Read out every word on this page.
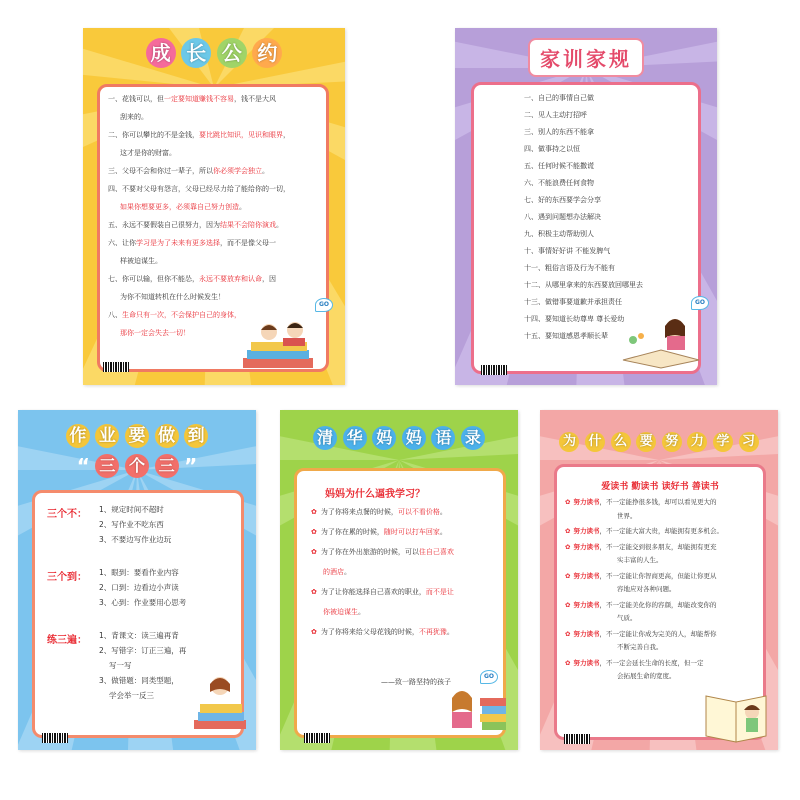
成 长 公 约
一、花钱可以，但一定要知道赚钱不容易，钱不是大风
刮来的。
二、你可以攀比的不是金钱，要比跳比知识，见识和眼界，
这才是你的财富。
三、父母不会和你过一辈子，所以你必须学会独立。
四、不要对父母有怨言，父母已经尽力给了能给你的一切，
如果你想要更多，必须靠自己努力创造。
五、永远不要假装自己很努力，因为结果不会陪你演戏。
六、让你学习是为了未来有更多选择，而不是像父母一
样被迫谋生。
七、你可以输，但你不能怂，永远不要放弃和认命，因
为你不知道转机在什么时候发生！
八、生命只有一次，不会保护自己的身体，
那你一定会失去一切！
GO
家训家规
一、自己的事情自己做
二、见人主动打招呼
三、别人的东西不能拿
四、做事持之以恒
五、任何时候不能撒谎
六、不能浪费任何食物
七、好的东西要学会分享
八、遇到问题想办法解决
九、积极主动帮助别人
十、事情好好讲 不能发脾气
十一、粗俗言语及行为不能有
十二、从哪里拿来的东西要放回哪里去
十三、做错事要道歉并承担责任
十四、要知道长幼尊卑 尊长爱幼
十五、要知道感恩孝顺长辈
GO
作 业 要 做 到
“ 三 个 三 ”
三个不： 1、规定时间不超时
2、写作业不吃东西
3、不要边写作业边玩
三个到： 1、眼到：要看作业内容
2、口到：边看边小声读
3、心到：作业要用心思考
练三遍： 1、背课文：读三遍再背
2、写错字：订正三遍，再
写一写
3、做错题：同类型题，
学会举一反三
清 华 妈 妈 语 录
妈妈为什么逼我学习？
✿ 为了你将来点餐的时候，可以不看价格。
✿ 为了你在累的时候，随时可以打车回家。
✿ 为了你在外出旅游的时候，可以住自己喜欢
的酒店。
✿ 为了让你能选择自己喜欢的职业，而不是让
你被迫谋生。
✿ 为了你将来给父母花钱的时候，不再犹豫。
——致一路坚持的孩子
GO
为 什 么 要 努 力 学 习
爱读书 勤读书 读好书 善读书
✿ 努力读书，不一定能挣很多钱，却可以看见更大的
世界。
✿ 努力读书，不一定能大富大贵，却能拥有更多机会。
✿ 努力读书，不一定能交到很多朋友，却能拥有更充
实丰富的人生。
✿ 努力读书，不一定能让你智商更高，但能让你更从
容地应对各种问题。
✿ 努力读书，不一定能美化你的容颜，却能改变你的
气质。
✿ 努力读书，不一定能让你成为完美的人，却能帮你
不断完善自我。
✿ 努力读书，不一定会延长生命的长度，但一定
会拓展生命的宽度。
